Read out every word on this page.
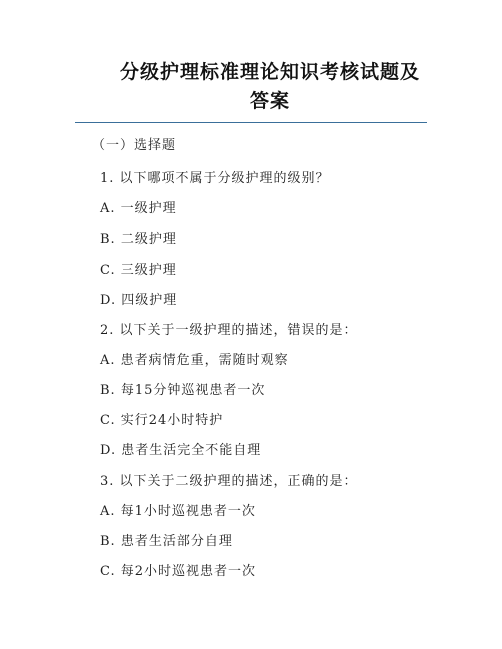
分级护理标准理论知识考核试题及
答案
（一）选择题
1. 以下哪项不属于分级护理的级别？
A. 一级护理
B. 二级护理
C. 三级护理
D. 四级护理
2. 以下关于一级护理的描述，错误的是：
A. 患者病情危重，需随时观察
B. 每15分钟巡视患者一次
C. 实行24小时特护
D. 患者生活完全不能自理
3. 以下关于二级护理的描述，正确的是：
A. 每1小时巡视患者一次
B. 患者生活部分自理
C. 每2小时巡视患者一次
